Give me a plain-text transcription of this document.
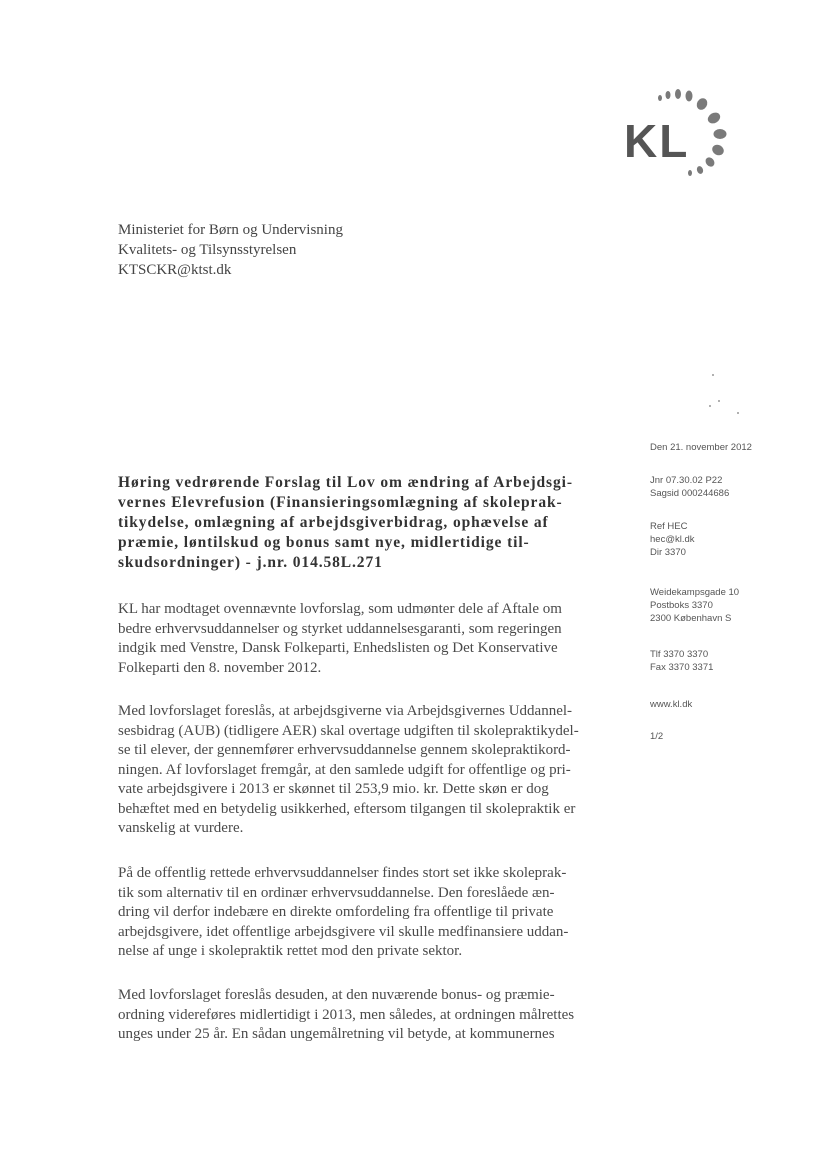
KL
Ministeriet for Børn og Undervisning
Kvalitets- og Tilsynsstyrelsen
KTSCKR@ktst.dk
Den 21. november 2012
Jnr 07.30.02 P22
Sagsid 000244686
Ref HEC
hec@kl.dk
Dir 3370
Weidekampsgade 10
Postboks 3370
2300 København S
Tlf 3370 3370
Fax 3370 3371
www.kl.dk
1/2
Høring vedrørende Forslag til Lov om ændring af Arbejdsgi-
vernes Elevrefusion (Finansieringsomlægning af skoleprak-
tikydelse, omlægning af arbejdsgiverbidrag, ophævelse af
præmie, løntilskud og bonus samt nye, midlertidige til-
skudsordninger) - j.nr. 014.58L.271
KL har modtaget ovennævnte lovforslag, som udmønter dele af Aftale om
bedre erhvervsuddannelser og styrket uddannelsesgaranti, som regeringen
indgik med Venstre, Dansk Folkeparti, Enhedslisten og Det Konservative
Folkeparti den 8. november 2012.
Med lovforslaget foreslås, at arbejdsgiverne via Arbejdsgivernes Uddannel-
sesbidrag (AUB) (tidligere AER) skal overtage udgiften til skolepraktikydel-
se til elever, der gennemfører erhvervsuddannelse gennem skolepraktikord-
ningen. Af lovforslaget fremgår, at den samlede udgift for offentlige og pri-
vate arbejdsgivere i 2013 er skønnet til 253,9 mio. kr. Dette skøn er dog
behæftet med en betydelig usikkerhed, eftersom tilgangen til skolepraktik er
vanskelig at vurdere.
På de offentlig rettede erhvervsuddannelser findes stort set ikke skoleprak-
tik som alternativ til en ordinær erhvervsuddannelse. Den foreslåede æn-
dring vil derfor indebære en direkte omfordeling fra offentlige til private
arbejdsgivere, idet offentlige arbejdsgivere vil skulle medfinansiere uddan-
nelse af unge i skolepraktik rettet mod den private sektor.
Med lovforslaget foreslås desuden, at den nuværende bonus- og præmie-
ordning videreføres midlertidigt i 2013, men således, at ordningen målrettes
unges under 25 år. En sådan ungemålretning vil betyde, at kommunernes
